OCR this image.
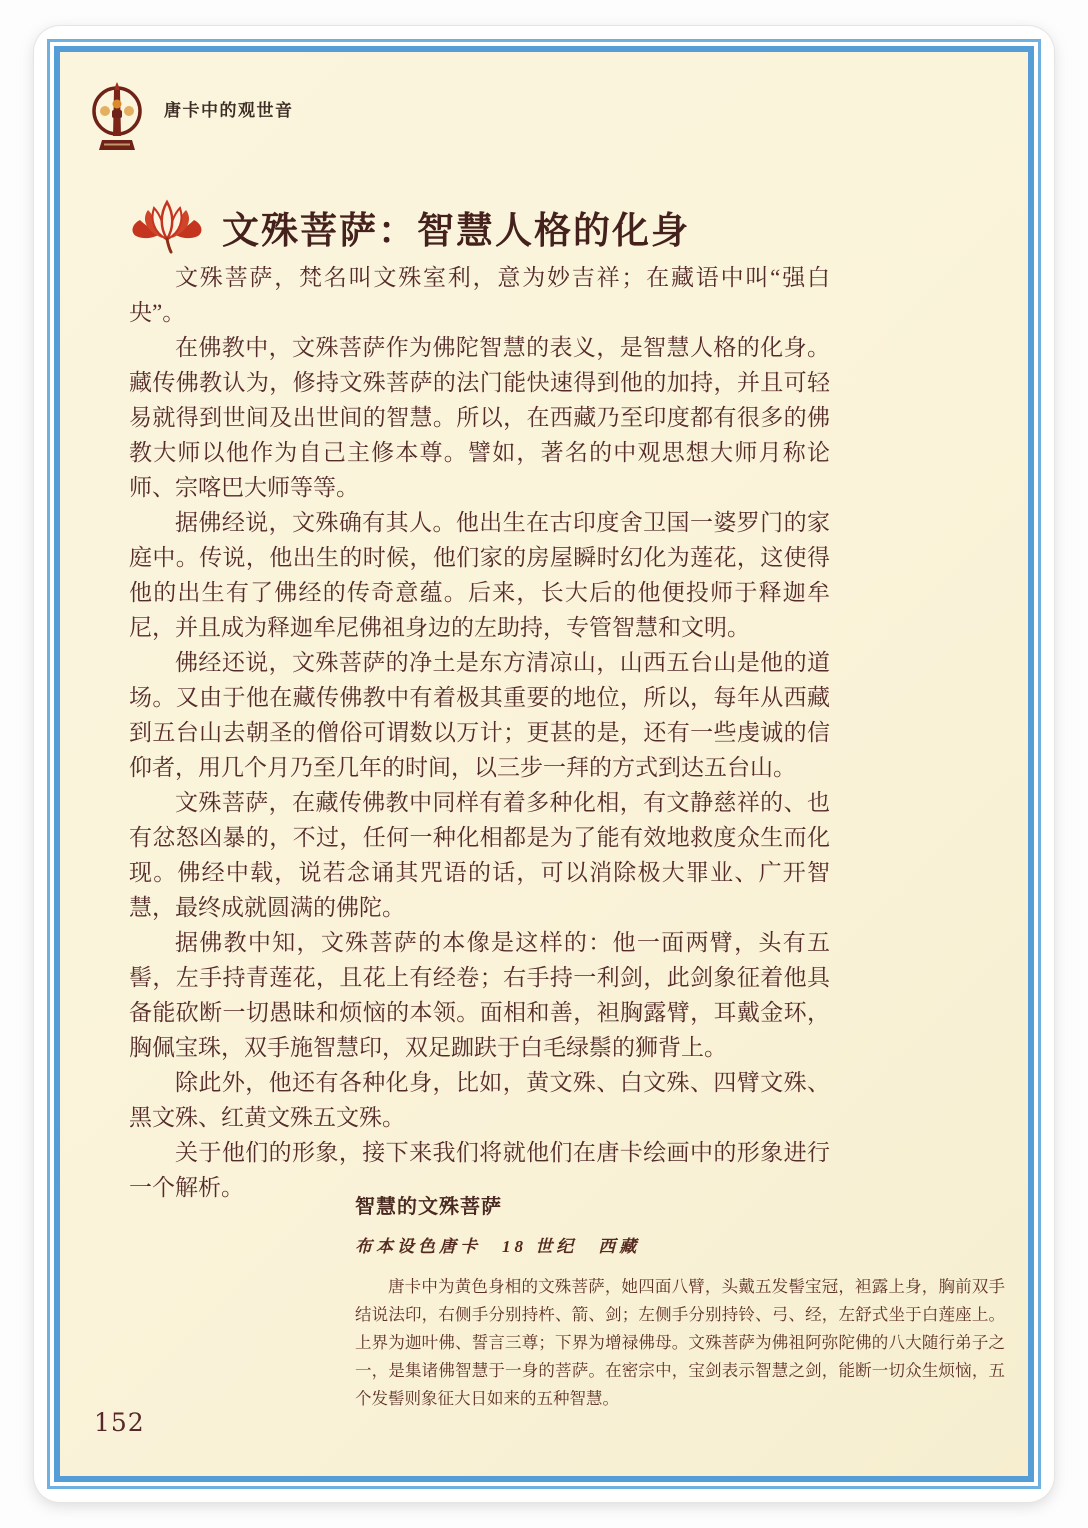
唐卡中的观世音
文殊菩萨：智慧人格的化身

文殊菩萨，梵名叫文殊室利，意为妙吉祥；在藏语中叫“强白央”。

在佛教中，文殊菩萨作为佛陀智慧的表义，是智慧人格的化身。藏传佛教认为，修持文殊菩萨的法门能快速得到他的加持，并且可轻易就得到世间及出世间的智慧。所以，在西藏乃至印度都有很多的佛教大师以他作为自己主修本尊。譬如，著名的中观思想大师月称论师、宗喀巴大师等等。

据佛经说，文殊确有其人。他出生在古印度舍卫国一婆罗门的家庭中。传说，他出生的时候，他们家的房屋瞬时幻化为莲花，这使得他的出生有了佛经的传奇意蕴。后来，长大后的他便投师于释迦牟尼，并且成为释迦牟尼佛祖身边的左助持，专管智慧和文明。

佛经还说，文殊菩萨的净土是东方清凉山，山西五台山是他的道场。又由于他在藏传佛教中有着极其重要的地位，所以，每年从西藏到五台山去朝圣的僧俗可谓数以万计；更甚的是，还有一些虔诚的信仰者，用几个月乃至几年的时间，以三步一拜的方式到达五台山。

文殊菩萨，在藏传佛教中同样有着多种化相，有文静慈祥的、也有忿怒凶暴的，不过，任何一种化相都是为了能有效地救度众生而化现。佛经中载，说若念诵其咒语的话，可以消除极大罪业、广开智慧，最终成就圆满的佛陀。

据佛教中知，文殊菩萨的本像是这样的：他一面两臂，头有五髻，左手持青莲花，且花上有经卷；右手持一利剑，此剑象征着他具备能砍断一切愚昧和烦恼的本领。面相和善，袒胸露臂，耳戴金环，胸佩宝珠，双手施智慧印，双足跏趺于白毛绿鬃的狮背上。

除此外，他还有各种化身，比如，黄文殊、白文殊、四臂文殊、黑文殊、红黄文殊五文殊。

关于他们的形象，接下来我们将就他们在唐卡绘画中的形象进行一个解析。

智慧的文殊菩萨
布本设色唐卡　18 世纪　西藏

唐卡中为黄色身相的文殊菩萨，她四面八臂，头戴五发髻宝冠，袒露上身，胸前双手结说法印，右侧手分别持杵、箭、剑；左侧手分别持铃、弓、经，左舒式坐于白莲座上。上界为迦叶佛、誓言三尊；下界为增禄佛母。文殊菩萨为佛祖阿弥陀佛的八大随行弟子之一，是集诸佛智慧于一身的菩萨。在密宗中，宝剑表示智慧之剑，能断一切众生烦恼，五个发髻则象征大日如来的五种智慧。

152
